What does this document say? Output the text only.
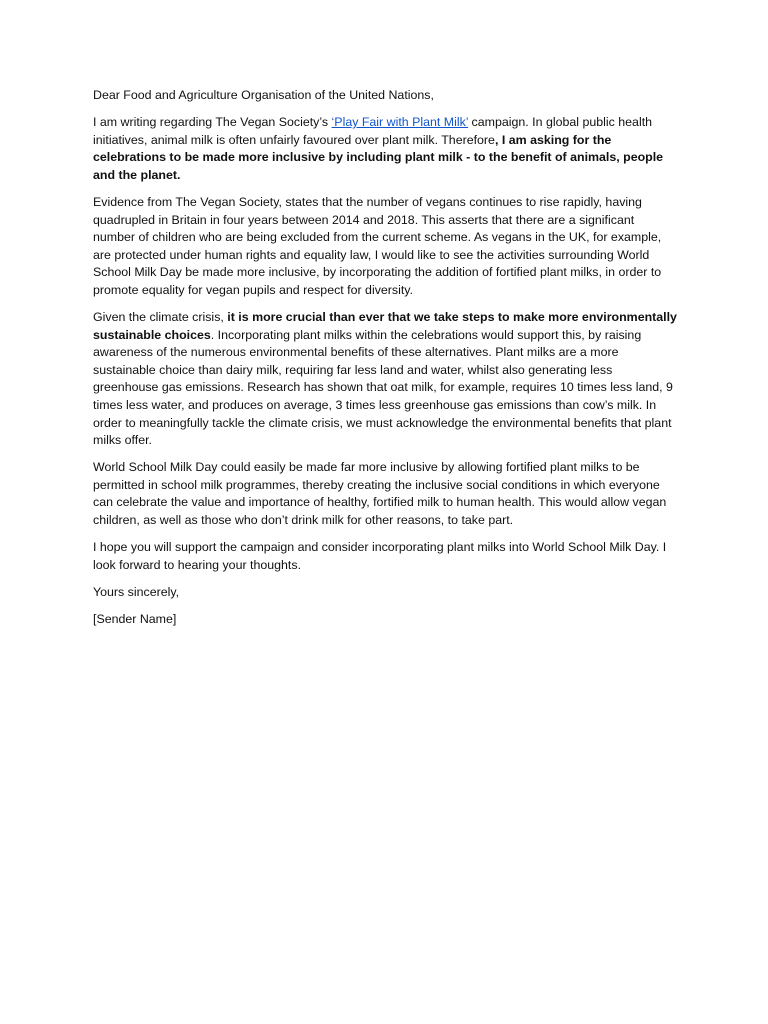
Dear Food and Agriculture Organisation of the United Nations,

I am writing regarding The Vegan Society’s ‘Play Fair with Plant Milk’ campaign. In global public health initiatives, animal milk is often unfairly favoured over plant milk. Therefore, I am asking for the celebrations to be made more inclusive by including plant milk - to the benefit of animals, people and the planet.

Evidence from The Vegan Society, states that the number of vegans continues to rise rapidly, having quadrupled in Britain in four years between 2014 and 2018. This asserts that there are a significant number of children who are being excluded from the current scheme. As vegans in the UK, for example, are protected under human rights and equality law, I would like to see the activities surrounding World School Milk Day be made more inclusive, by incorporating the addition of fortified plant milks, in order to promote equality for vegan pupils and respect for diversity.

Given the climate crisis, it is more crucial than ever that we take steps to make more environmentally sustainable choices. Incorporating plant milks within the celebrations would support this, by raising awareness of the numerous environmental benefits of these alternatives. Plant milks are a more sustainable choice than dairy milk, requiring far less land and water, whilst also generating less greenhouse gas emissions. Research has shown that oat milk, for example, requires 10 times less land, 9 times less water, and produces on average, 3 times less greenhouse gas emissions than cow’s milk. In order to meaningfully tackle the climate crisis, we must acknowledge the environmental benefits that plant milks offer.

World School Milk Day could easily be made far more inclusive by allowing fortified plant milks to be permitted in school milk programmes, thereby creating the inclusive social conditions in which everyone can celebrate the value and importance of healthy, fortified milk to human health. This would allow vegan children, as well as those who don’t drink milk for other reasons, to take part.

I hope you will support the campaign and consider incorporating plant milks into World School Milk Day. I look forward to hearing your thoughts.

Yours sincerely,

[Sender Name]
